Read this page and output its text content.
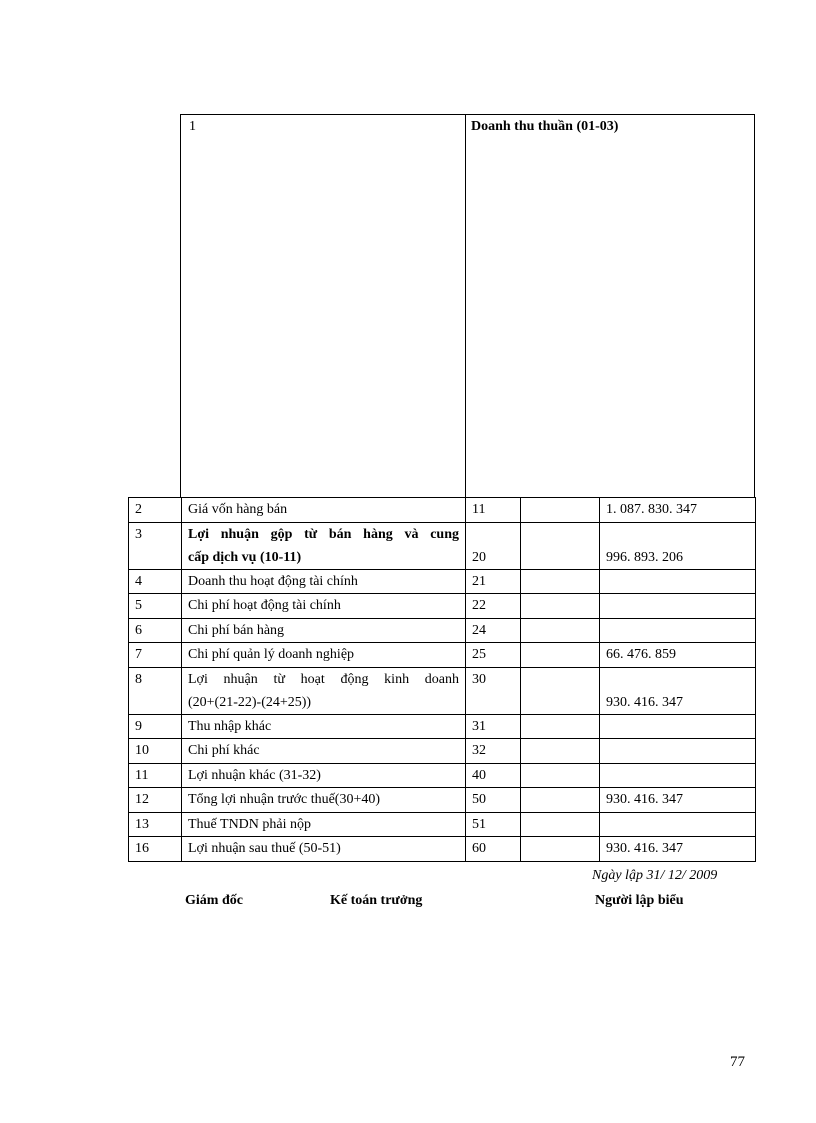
1	Doanh thu thuần (01-03)
2	Giá vốn hàng bán	11		1. 087. 830. 347
3	Lợi nhuận gộp từ bán hàng và cung
cấp dịch vụ (10-11)	20		996. 893. 206
4	Doanh thu hoạt động tài chính	21		
5	Chi phí hoạt động tài chính	22		
6	Chi phí bán hàng	24		
7	Chi phí quản lý doanh nghiệp	25		66. 476. 859
8	Lợi nhuận từ hoạt động kinh doanh
(20+(21-22)-(24+25))	30		930. 416. 347
9	Thu nhập khác	31		
10	Chi phí khác	32		
11	Lợi nhuận khác (31-32)	40		
12	Tổng lợi nhuận trước thuế(30+40)	50		930. 416. 347
13	Thuế TNDN phải nộp	51		
16	Lợi nhuận sau thuế (50-51)	60		930. 416. 347
Ngày lập 31/ 12/ 2009
Giám đốc	Kế toán trưởng	Người lập biểu
77
